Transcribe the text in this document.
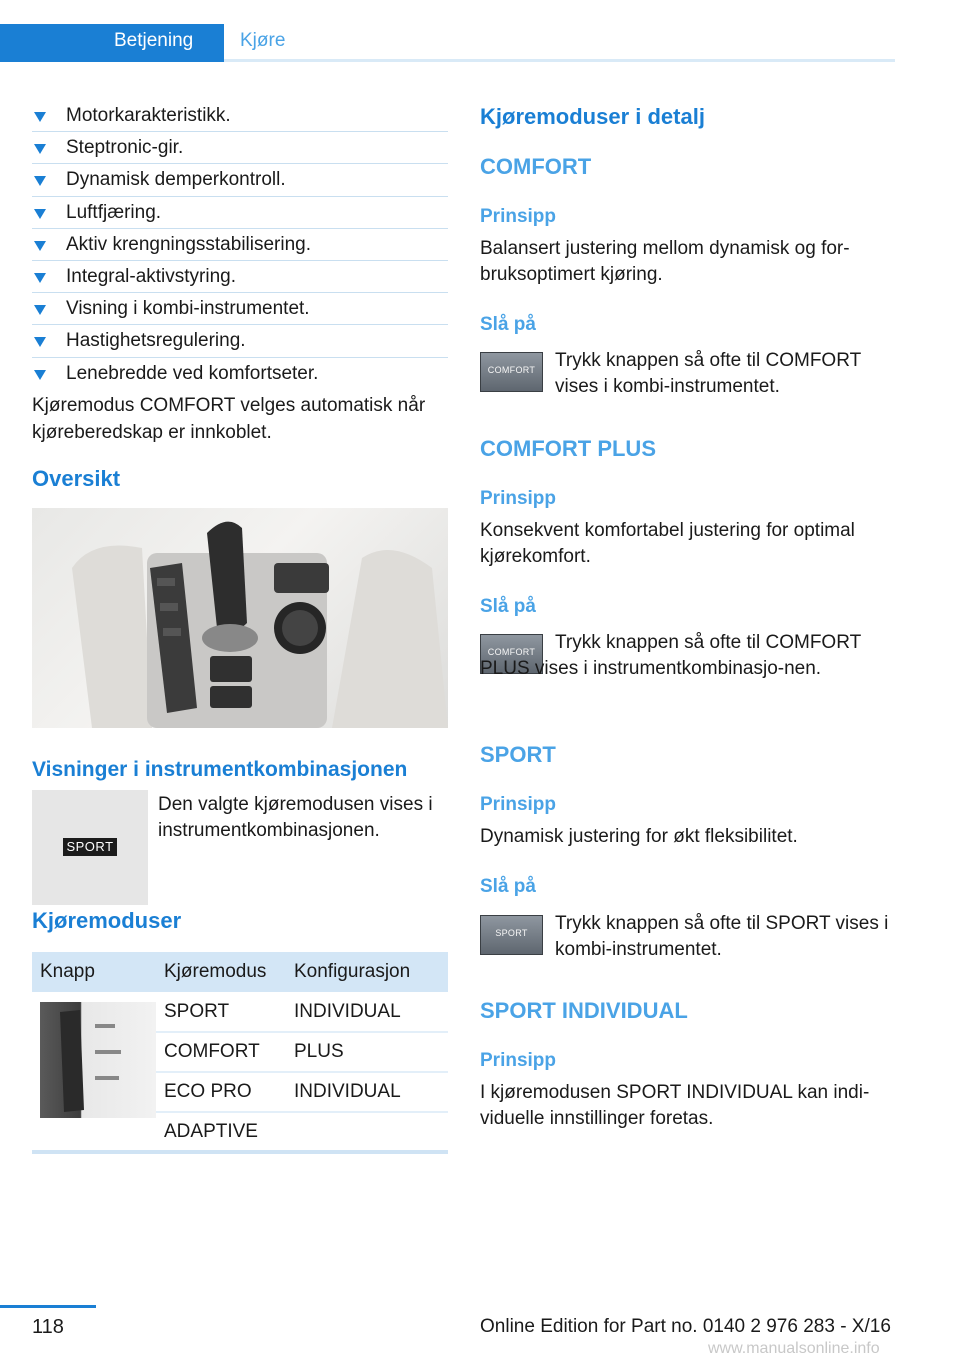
Betjening Kjøre
Motorkarakteristikk.
Steptronic-gir.
Dynamisk demperkontroll.
Luftfjæring.
Aktiv krengningsstabilisering.
Integral-aktivstyring.
Visning i kombi-instrumentet.
Hastighetsregulering.
Lenebredde ved komfortseter.

Kjøremodus COMFORT velges automatisk når kjøreberedskap er innkoblet.

Oversikt
Visninger i instrumentkombinasjonen
SPORT

Den valgte kjøremodusen vises i instrumentkombinasjonen.

Kjøremoduser
Knapp	Kjøremodus	Konfigurasjon

	SPORT	INDIVIDUAL
	COMFORT	PLUS
	ECO PRO	INDIVIDUAL
	ADAPTIVE	
Kjøremoduser i detalj
COMFORT
Prinsipp

Balansert justering mellom dynamisk og for-bruksoptimert kjøring.

Slå på
COMFORT	Trykk knappen så ofte til COMFORT vises i kombi-instrumentet.

COMFORT PLUS
Prinsipp

Konsekvent komfortabel justering for optimal kjørekomfort.

Slå på
COMFORT	Trykk knappen så ofte til COMFORT PLUS vises i instrumentkombinasjo-nen.

SPORT
Prinsipp

Dynamisk justering for økt fleksibilitet.

Slå på
SPORT	Trykk knappen så ofte til SPORT vises i kombi-instrumentet.

SPORT INDIVIDUAL
Prinsipp

I kjøremodusen SPORT INDIVIDUAL kan indi-viduelle innstillinger foretas.

118	Online Edition for Part no. 0140 2 976 283 - X/16
www.manualsonline.info
